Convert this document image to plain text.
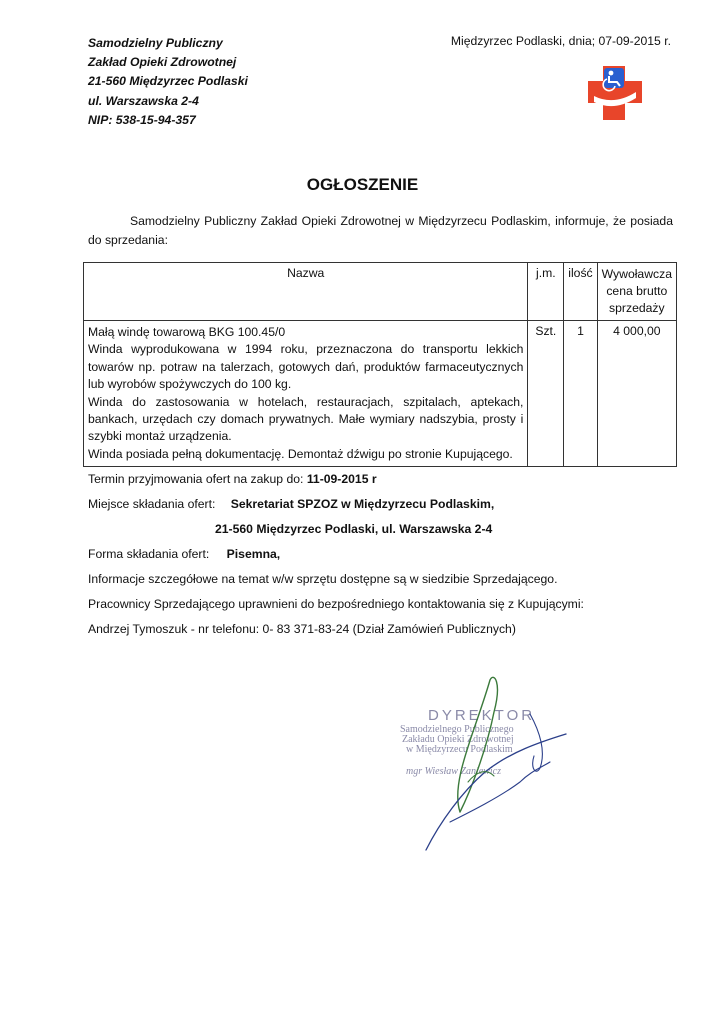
Samodzielny Publiczny
Zakład Opieki Zdrowotnej
21-560 Międzyrzec Podlaski
ul. Warszawska 2-4
NIP: 538-15-94-357
Międzyrzec Podlaski, dnia; 07-09-2015 r.
OGŁOSZENIE
Samodzielny Publiczny Zakład Opieki Zdrowotnej w Międzyrzecu Podlaskim, informuje, że posiada do sprzedania:
Nazwa	j.m.	ilość	Wywoławcza
cena brutto
sprzedaży

Małą windę towarową BKG 100.45/0
Winda wyprodukowana w 1994 roku, przeznaczona do transportu lekkich towarów np. potraw na talerzach, gotowych dań, produktów farmaceutycznych lub wyrobów spożywczych do 100 kg.
Winda do zastosowania w hotelach, restauracjach, szpitalach, aptekach, bankach, urzędach czy domach prywatnych. Małe wymiary nadszybia, prosty i szybki montaż urządzenia.
Winda posiada pełną dokumentację. Demontaż dźwigu po stronie Kupującego.	Szt.	1	4 000,00
Termin przyjmowania ofert na zakup do: 11-09-2015 r
Miejsce składania ofert: Sekretariat SPZOZ w Międzyrzecu Podlaskim,
21-560 Międzyrzec Podlaski, ul. Warszawska 2-4
Forma składania ofert: Pisemna,
Informacje szczegółowe na temat w/w sprzętu dostępne są w siedzibie Sprzedającego.
Pracownicy Sprzedającego uprawnieni do bezpośredniego kontaktowania się z Kupującymi:
Andrzej Tymoszuk - nr telefonu: 0- 83 371-83-24 (Dział Zamówień Publicznych)
DYREKTOR
Samodzielnego Publicznego
Zakładu Opieki Zdrowotnej
w Międzyrzecu Podlaskim
mgr Wiesław Zaniewicz
